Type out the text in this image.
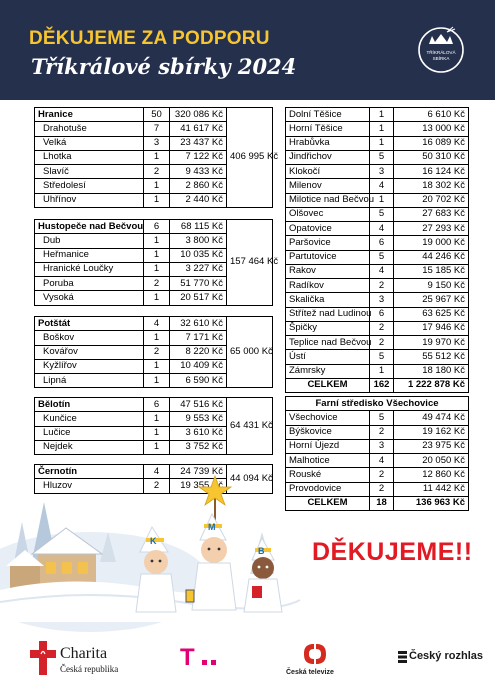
DĚKUJEME ZA PODPORU
Tříkrálové sbírky 2024
TŘÍKRÁLOVÁ
SBÍRKA
Hranice	50	320 086 Kč	406 995 Kč
Drahotuše	7	41 617 Kč	
Velká	3	23 437 Kč	
Lhotka	1	7 122 Kč	
Slavíč	2	9 433 Kč	
Středolesí	1	2 860 Kč	
Uhřínov	1	2 440 Kč	
Hustopeče nad Bečvou	6	68 115 Kč	157 464 Kč
Dub	1	3 800 Kč	
Heřmanice	1	10 035 Kč	
Hranické Loučky	1	3 227 Kč	
Poruba	2	51 770 Kč	
Vysoká	1	20 517 Kč	
Potštát	4	32 610 Kč	65 000 Kč
Boškov	1	7 171 Kč	
Kovářov	2	8 220 Kč	
Kyžlířov	1	10 409 Kč	
Lipná	1	6 590 Kč	
Bělotín	6	47 516 Kč	64 431 Kč
Kunčice	1	9 553 Kč	
Lučice	1	3 610 Kč	
Nejdek	1	3 752 Kč	
Černotín	4	24 739 Kč	44 094 Kč
Hluzov	2	19 355 Kč	
Dolní Těšice	1	6 610 Kč
Horní Těšice	1	13 000 Kč
Hrabůvka	1	16 089 Kč
Jindřichov	5	50 310 Kč
Klokočí	3	16 124 Kč
Milenov	4	18 302 Kč
Milotice nad Bečvou	1	20 702 Kč
Olšovec	5	27 683 Kč
Opatovice	4	27 293 Kč
Paršovice	6	19 000 Kč
Partutovice	5	44 246 Kč
Rakov	4	15 185 Kč
Radíkov	2	9 150 Kč
Skalička	3	25 967 Kč
Střítež nad Ludinou	6	63 625 Kč
Špičky	2	17 946 Kč
Teplice nad Bečvou	2	19 970 Kč
Ústí	5	55 512 Kč
Zámrsky	1	18 180 Kč
CELKEM	162	1 222 878 Kč
Farní středisko Všechovice		
Všechovice	5	49 474 Kč
Býškovice	2	19 162 Kč
Horní Újezd	3	23 975 Kč
Malhotice	4	20 050 Kč
Rouské	2	12 860 Kč
Provodovice	2	11 442 Kč
CELKEM	18	136 963 Kč
DĚKUJEME!!
K
M
B
Charita
Česká republika	T
Česká televize
Český rozhlas
